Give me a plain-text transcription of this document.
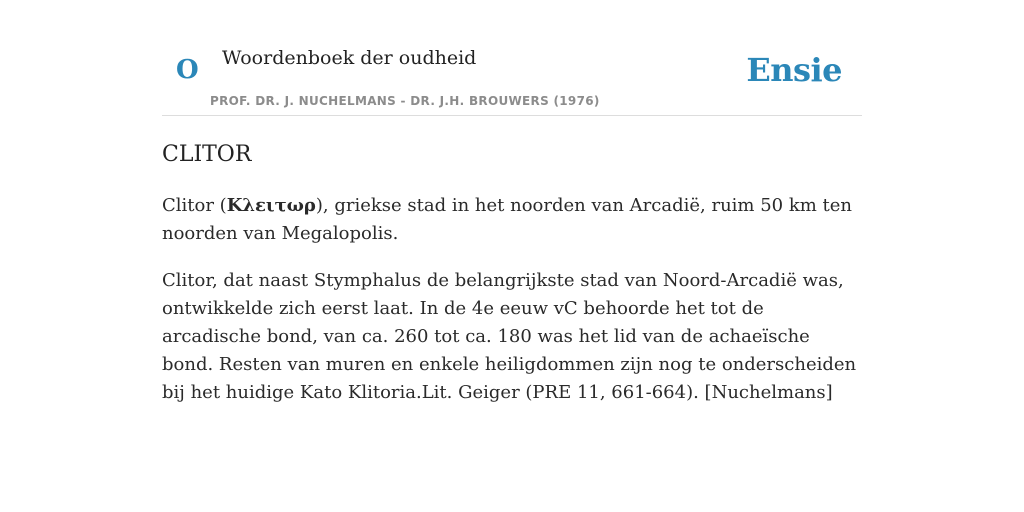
O Woordenboek der oudheid
PROF. DR. J. NUCHELMANS - DR. J.H. BROUWERS (1976)
Ensie
CLITOR

Clitor (Κλειτωρ), griekse stad in het noorden van Arcadië, ruim 50 km ten noorden van Megalopolis.

Clitor, dat naast Stymphalus de belangrijkste stad van Noord-Arcadië was, ontwikkelde zich eerst laat. In de 4e eeuw vC behoorde het tot de arcadische bond, van ca. 260 tot ca. 180 was het lid van de achaeïsche bond. Resten van muren en enkele heiligdommen zijn nog te onderscheiden bij het huidige Kato Klitoria.Lit. Geiger (PRE 11, 661-664). [Nuchelmans]
